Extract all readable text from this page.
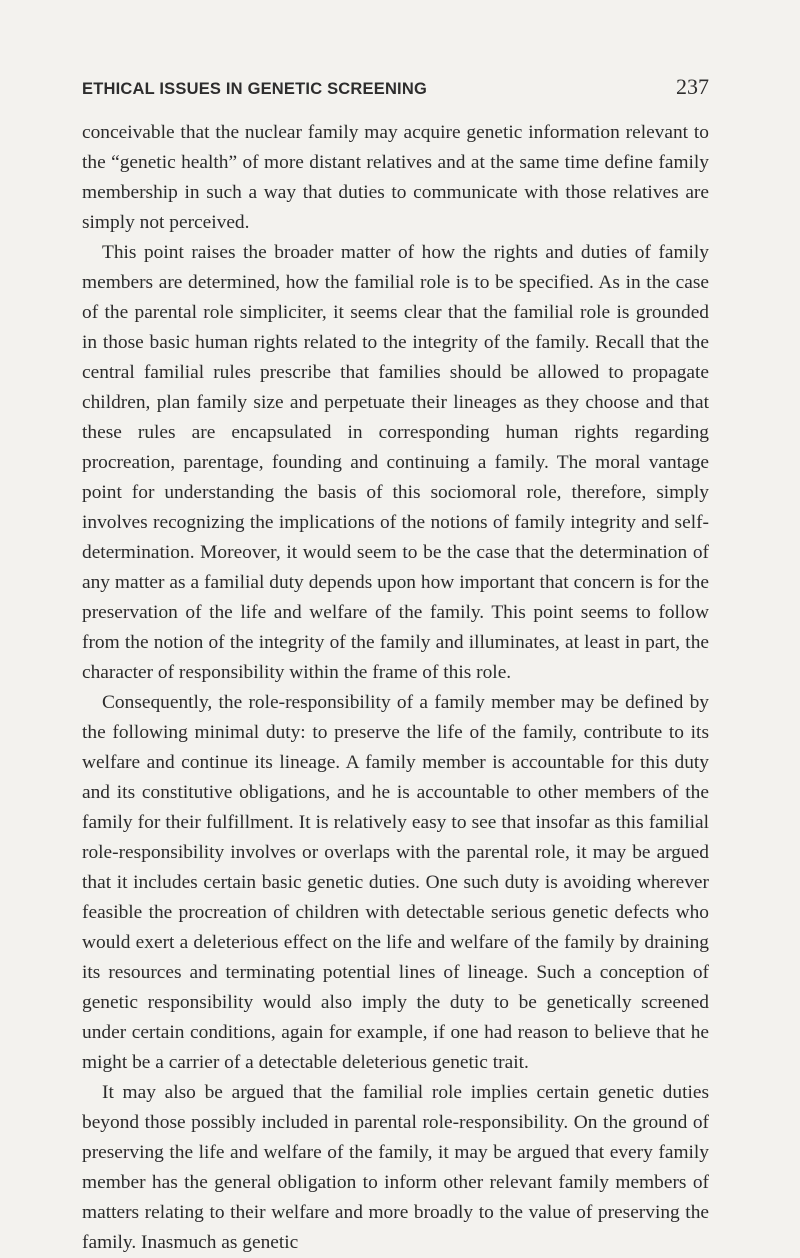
ETHICAL ISSUES IN GENETIC SCREENING	237

conceivable that the nuclear family may acquire genetic information relevant to the “genetic health” of more distant relatives and at the same time define family membership in such a way that duties to communicate with those relatives are simply not perceived.

This point raises the broader matter of how the rights and duties of family members are determined, how the familial role is to be specified. As in the case of the parental role simpliciter, it seems clear that the familial role is grounded in those basic human rights related to the integrity of the family. Recall that the central familial rules prescribe that families should be allowed to propagate children, plan family size and perpetuate their lineages as they choose and that these rules are encapsulated in corresponding human rights regarding procreation, parentage, founding and continuing a family. The moral vantage point for understanding the basis of this sociomoral role, therefore, simply involves recognizing the implications of the notions of family integrity and self-determination. Moreover, it would seem to be the case that the determination of any matter as a familial duty depends upon how important that concern is for the preservation of the life and welfare of the family. This point seems to follow from the notion of the integrity of the family and illuminates, at least in part, the character of responsibility within the frame of this role.

Consequently, the role-responsibility of a family member may be defined by the following minimal duty: to preserve the life of the family, contribute to its welfare and continue its lineage. A family member is accountable for this duty and its constitutive obligations, and he is accountable to other members of the family for their fulfillment. It is relatively easy to see that insofar as this familial role-responsibility involves or overlaps with the parental role, it may be argued that it includes certain basic genetic duties. One such duty is avoiding wherever feasible the procreation of children with detectable serious genetic defects who would exert a deleterious effect on the life and welfare of the family by draining its resources and terminating potential lines of lineage. Such a conception of genetic responsibility would also imply the duty to be genetically screened under certain conditions, again for example, if one had reason to believe that he might be a carrier of a detectable deleterious genetic trait.

It may also be argued that the familial role implies certain genetic duties beyond those possibly included in parental role-responsibility. On the ground of preserving the life and welfare of the family, it may be argued that every family member has the general obligation to inform other relevant family members of matters relating to their welfare and more broadly to the value of preserving the family. Inasmuch as genetic
